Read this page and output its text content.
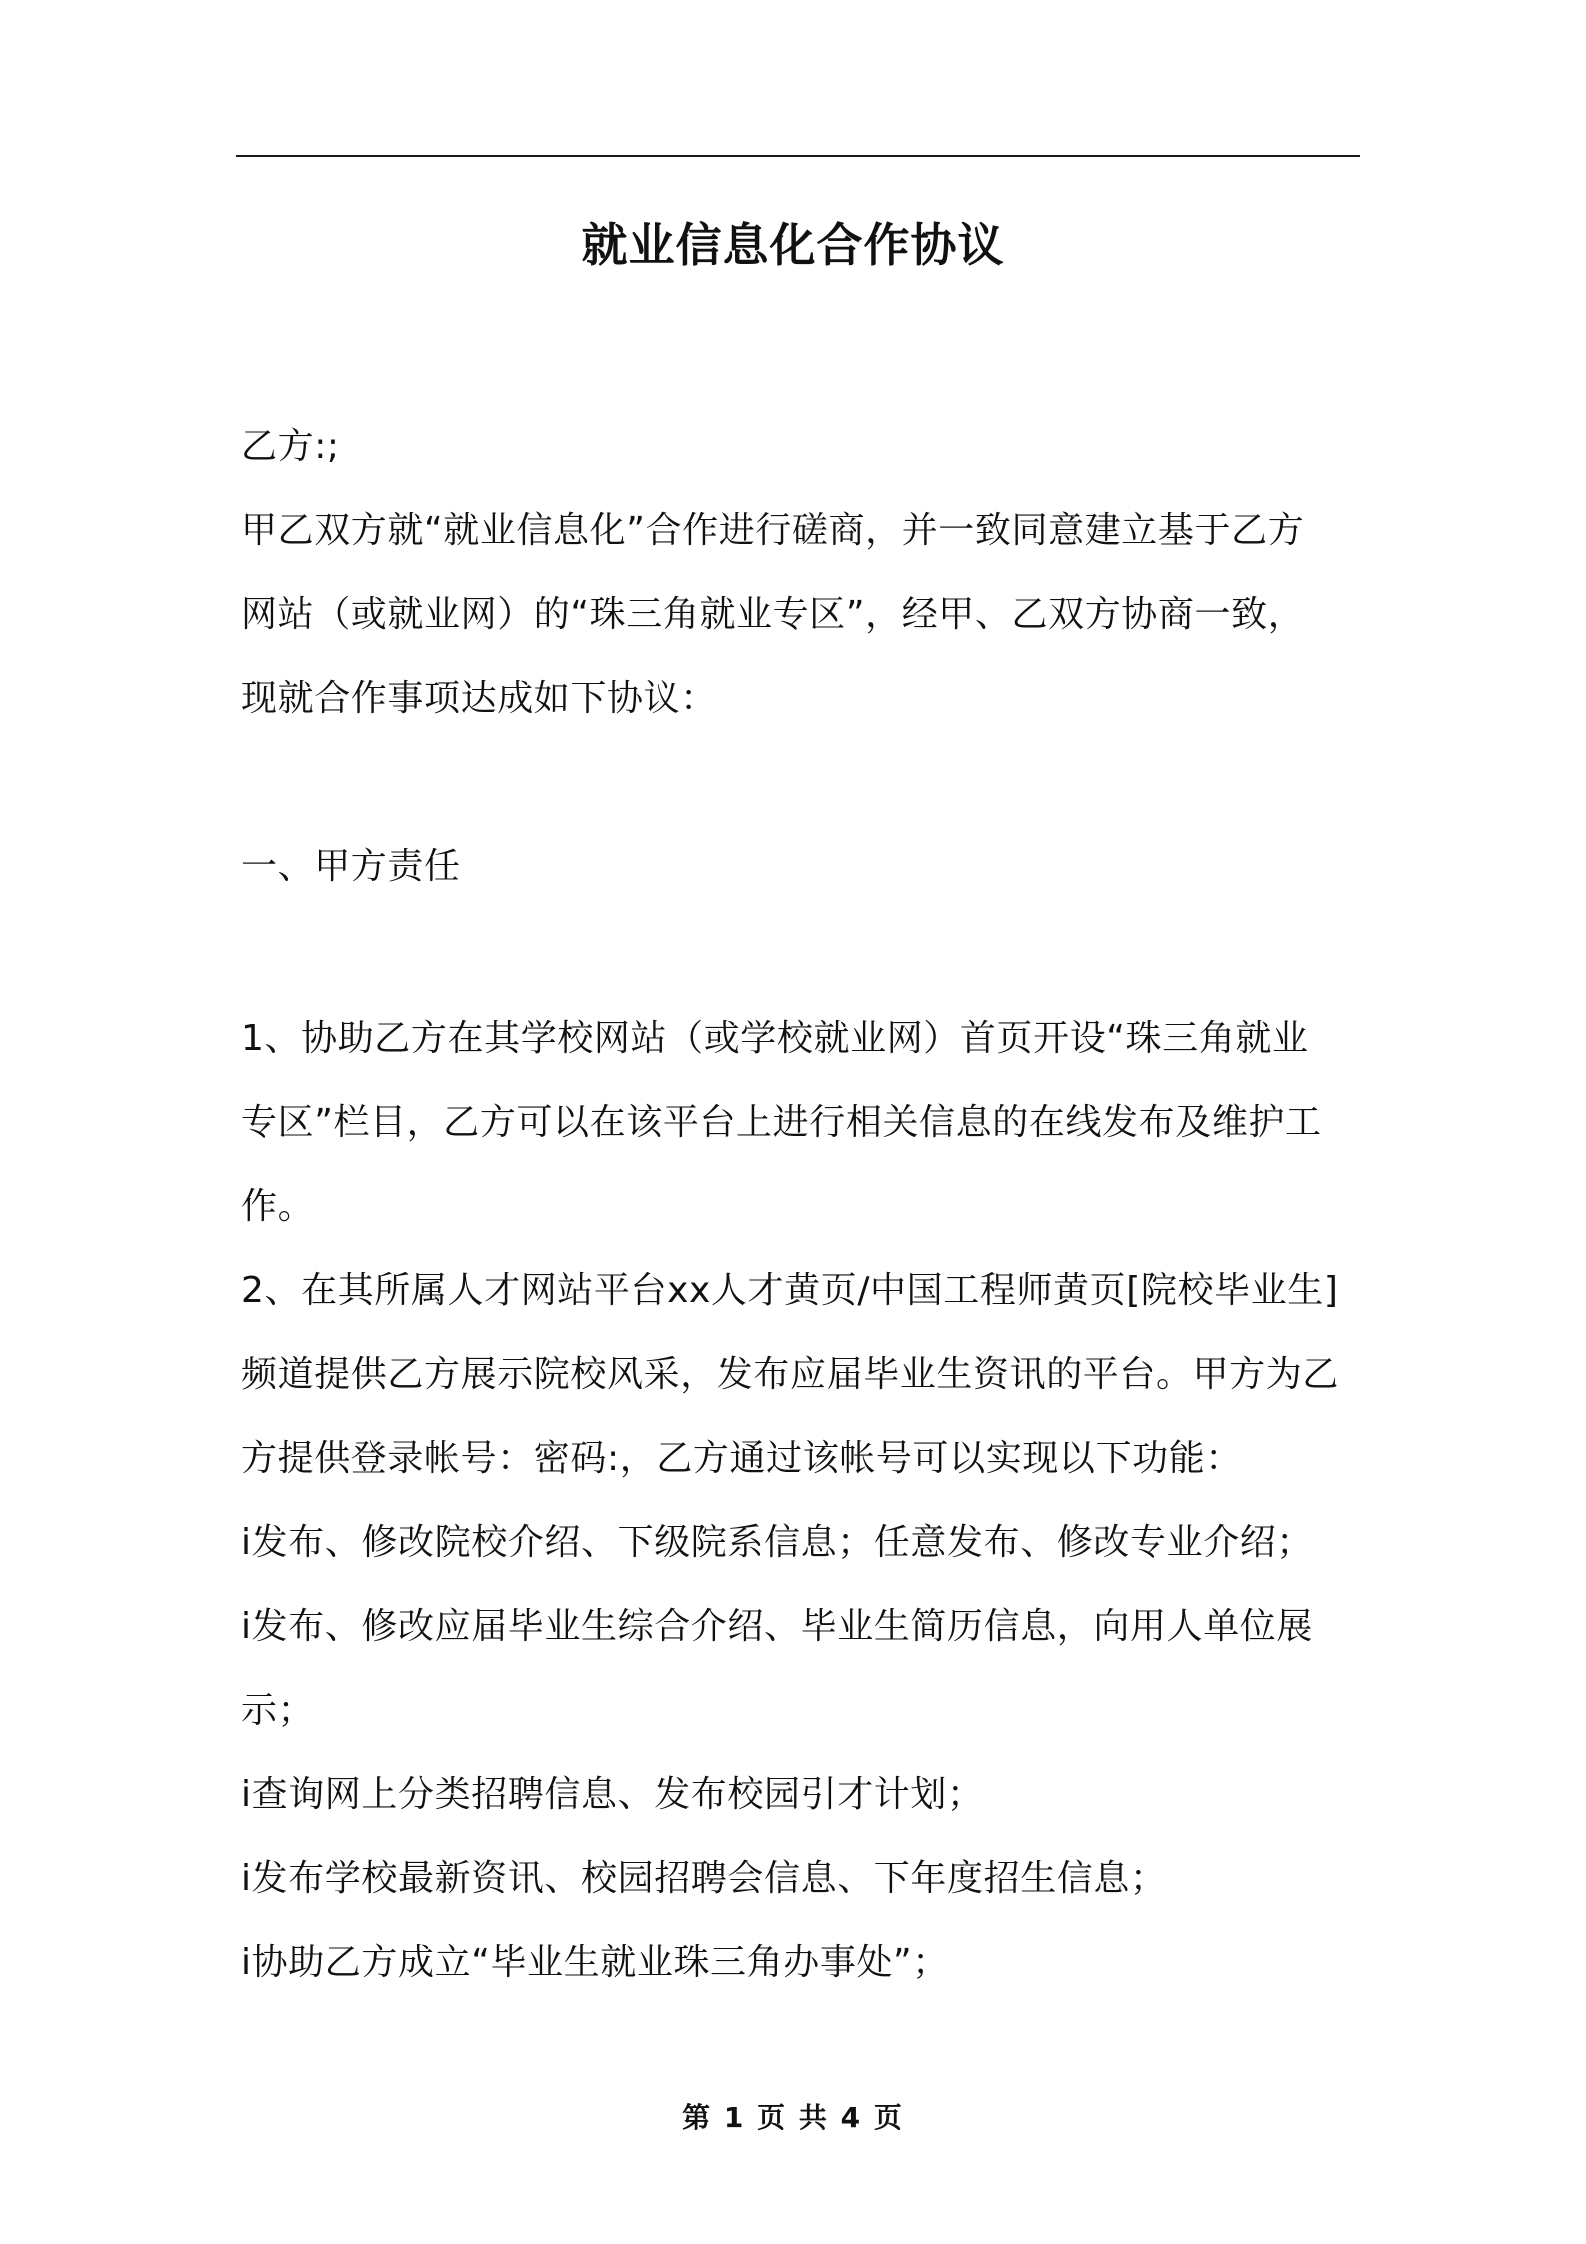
就业信息化合作协议
乙方:;
甲乙双方就“就业信息化”合作进行磋商，并一致同意建立基于乙方
网站（或就业网）的“珠三角就业专区”，经甲、乙双方协商一致，
现就合作事项达成如下协议：
一、甲方责任
1、协助乙方在其学校网站（或学校就业网）首页开设“珠三角就业
专区”栏目，乙方可以在该平台上进行相关信息的在线发布及维护工
作。
2、在其所属人才网站平台xx人才黄页/中国工程师黄页[院校毕业生]
频道提供乙方展示院校风采，发布应届毕业生资讯的平台。甲方为乙
方提供登录帐号：密码:，乙方通过该帐号可以实现以下功能：
ⅰ发布、修改院校介绍、下级院系信息；任意发布、修改专业介绍；
ⅰ发布、修改应届毕业生综合介绍、毕业生简历信息，向用人单位展
示；
ⅰ查询网上分类招聘信息、发布校园引才计划；
ⅰ发布学校最新资讯、校园招聘会信息、下年度招生信息；
ⅰ协助乙方成立“毕业生就业珠三角办事处”；
第 1 页 共 4 页
